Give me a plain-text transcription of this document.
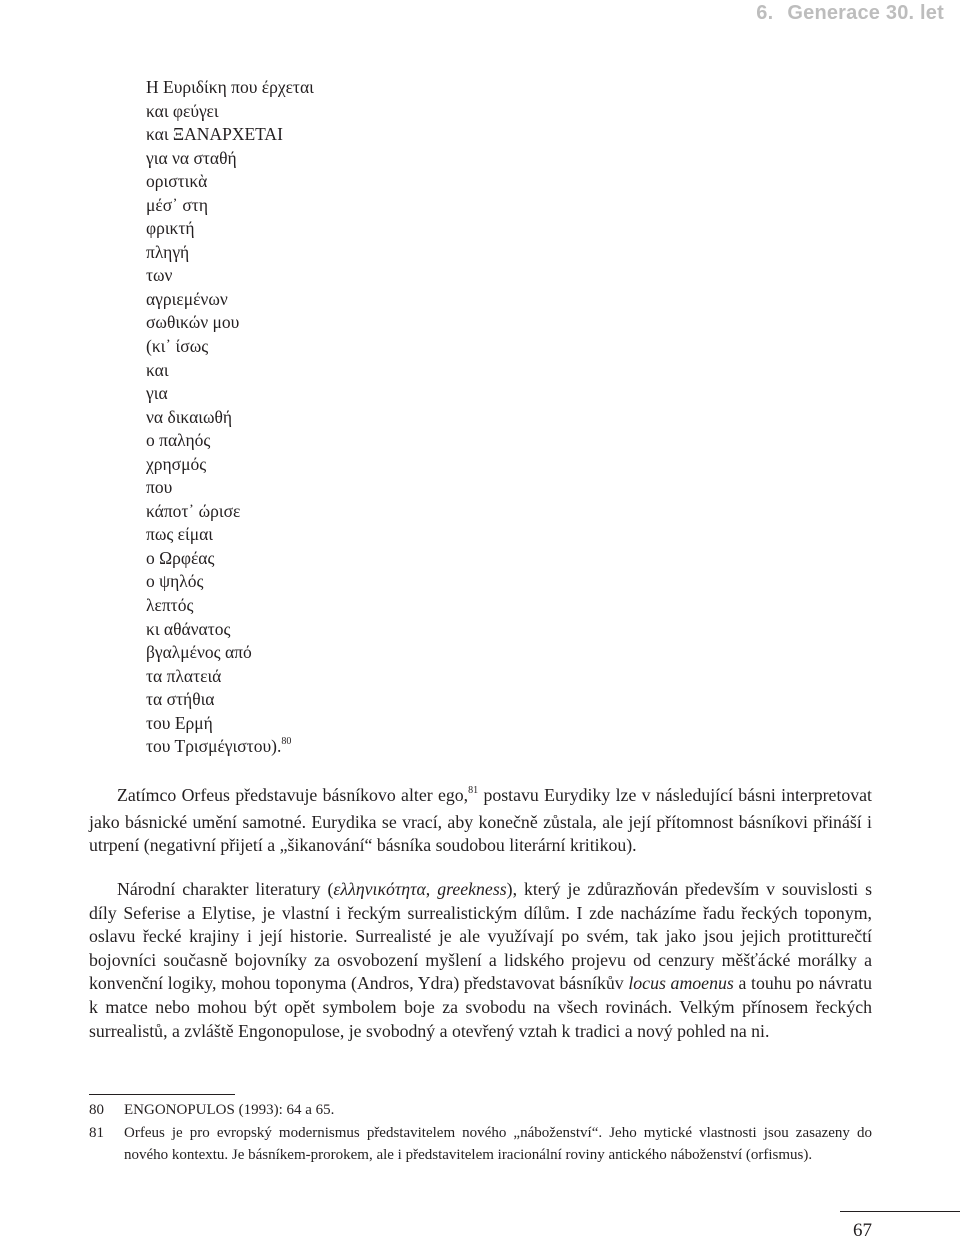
6. Generace 30. let
Η Ευριδίκη που έρχεται
και φεύγει
και ΞΑΝΑΡΧΕΤΑΙ
για να σταθή
οριστικὰ
μέσ᾽ στη
φρικτή
πληγή
των
αγριεμένων
σωθικών μου
(κι᾽ ίσως
και
για
να δικαιωθή
ο παληός
χρησμός
που
κάποτ᾽ ώρισε
πως είμαι
ο Ωρφέας
ο ψηλός
λεπτός
κι αθάνατος
βγαλμένος από
τα πλατειά
τα στήθια
του Ερμή
του Τρισμέγιστου).$^{80}$

Zatímco Orfeus představuje básníkovo alter ego,$^{81}$ postavu Eurydiky lze v následující básni interpretovat jako básnické umění samotné. Eurydika se vrací, aby konečně zůstala, ale její přítomnost básníkovi přináší i utrpení (negativní přijetí a „šikanování“ básníka soudobou literární kritikou).

Národní charakter literatury (ελληνικότητα, greekness), který je zdůrazňován především v souvislosti s díly Seferise a Elytise, je vlastní i řeckým surrealistickým dílům. I zde nacházíme řadu řeckých toponym, oslavu řecké krajiny i její historie. Surrealisté je ale využívají po svém, tak jako jsou jejich protitturečtí bojovníci současně bojovníky za osvobození myšlení a lidského projevu od cenzury měšťácké morálky a konvenční logiky, mohou toponyma (Andros, Ydra) představovat básníkův locus amoenus a touhu po návratu k matce nebo mohou být opět symbolem boje za svobodu na všech rovinách. Velkým přínosem řeckých surrealistů, a zvláště Engonopulose, je svobodný a otevřený vztah k tradici a nový pohled na ni.

80 ENGONOPULOS (1993): 64 a 65.
81 Orfeus je pro evropský modernismus představitelem nového „náboženství“. Jeho mytické vlastnosti jsou zasazeny do nového kontextu. Je básníkem-prorokem, ale i představitelem iracionální roviny antického náboženství (orfismus).
67
